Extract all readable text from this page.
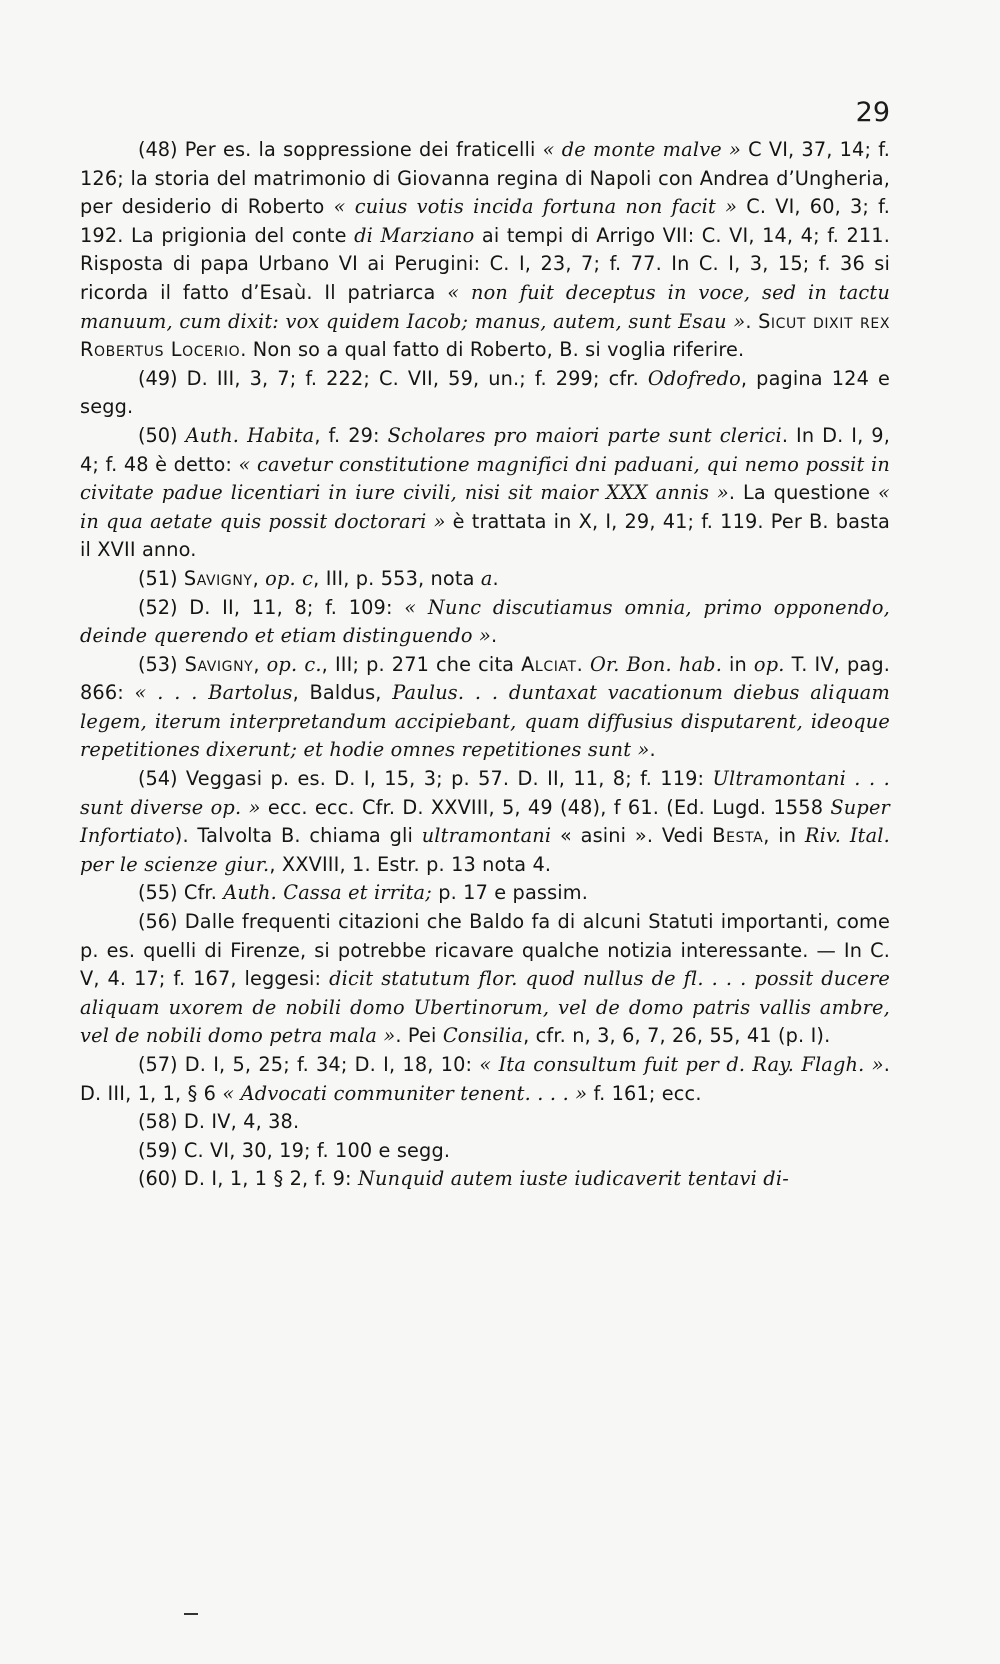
29

(48) Per es. la soppressione dei fraticelli « de monte malve » C VI, 37, 14; f. 126; la storia del matrimonio di Giovanna regina di Napoli con Andrea d’Ungheria, per desiderio di Roberto « cuius votis incida fortuna non facit » C. VI, 60, 3; f. 192. La prigionia del conte di Marziano ai tempi di Arrigo VII: C. VI, 14, 4; f. 211. Risposta di papa Urbano VI ai Perugini: C. I, 23, 7; f. 77. In C. I, 3, 15; f. 36 si ricorda il fatto d’Esaù. Il patriarca « non fuit deceptus in voce, sed in tactu manuum, cum dixit: vox quidem Iacob; manus, autem, sunt Esau ». Sicut dixit rex Robertus Locerio. Non so a qual fatto di Roberto, B. si voglia riferire.

(49) D. III, 3, 7; f. 222; C. VII, 59, un.; f. 299; cfr. Odofredo, pagina 124 e segg.

(50) Auth. Habita, f. 29: Scholares pro maiori parte sunt clerici. In D. I, 9, 4; f. 48 è detto: « cavetur constitutione magnifici dni paduani, qui nemo possit in civitate padue licentiari in iure civili, nisi sit maior XXX annis ». La questione « in qua aetate quis possit doctorari » è trattata in X, I, 29, 41; f. 119. Per B. basta il XVII anno.

(51) Savigny, op. c, III, p. 553, nota a.

(52) D. II, 11, 8; f. 109: « Nunc discutiamus omnia, primo opponendo, deinde querendo et etiam distinguendo ».

(53) Savigny, op. c., III; p. 271 che cita Alciat. Or. Bon. hab. in op. T. IV, pag. 866: « . . . Bartolus, Baldus, Paulus. . . duntaxat vacationum diebus aliquam legem, iterum interpretandum accipiebant, quam diffusius disputarent, ideoque repetitiones dixerunt; et hodie omnes repetitiones sunt ».

(54) Veggasi p. es. D. I, 15, 3; p. 57. D. II, 11, 8; f. 119: Ultramontani . . . sunt diverse op. » ecc. ecc. Cfr. D. XXVIII, 5, 49 (48), f 61. (Ed. Lugd. 1558 Super Infortiato). Talvolta B. chiama gli ultramontani « asini ». Vedi Besta, in Riv. Ital. per le scienze giur., XXVIII, 1. Estr. p. 13 nota 4.

(55) Cfr. Auth. Cassa et irrita; p. 17 e passim.

(56) Dalle frequenti citazioni che Baldo fa di alcuni Statuti importanti, come p. es. quelli di Firenze, si potrebbe ricavare qualche notizia interessante. — In C. V, 4. 17; f. 167, leggesi: dicit statutum flor. quod nullus de fl. . . . possit ducere aliquam uxorem de nobili domo Ubertinorum, vel de domo patris vallis ambre, vel de nobili domo petra mala ». Pei Consilia, cfr. n, 3, 6, 7, 26, 55, 41 (p. I).

(57) D. I, 5, 25; f. 34; D. I, 18, 10: « Ita consultum fuit per d. Ray. Flagh. ». D. III, 1, 1, § 6 « Advocati communiter tenent. . . . » f. 161; ecc.

(58) D. IV, 4, 38.

(59) C. VI, 30, 19; f. 100 e segg.

(60) D. I, 1, 1 § 2, f. 9: Nunquid autem iuste iudicaverit tentavi di-
